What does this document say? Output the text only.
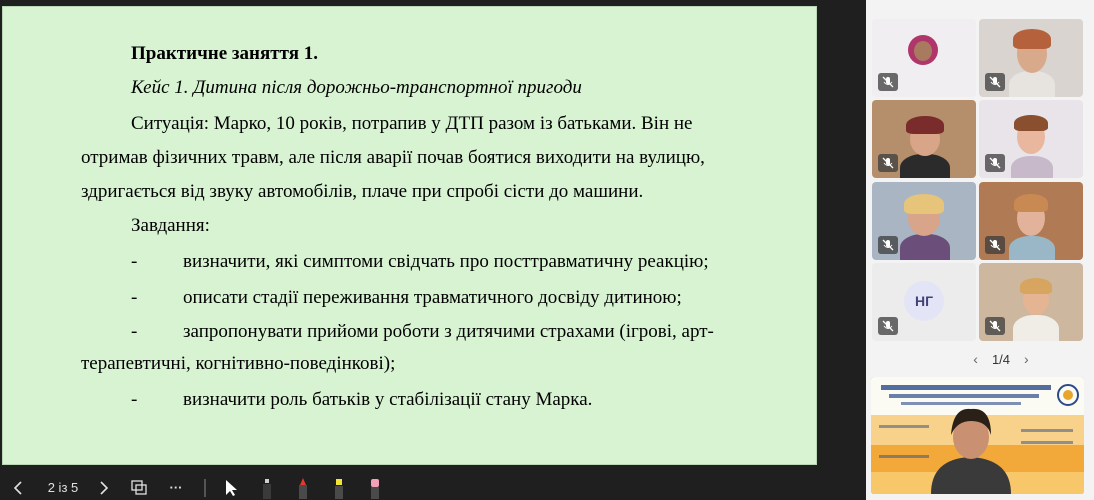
Практичне заняття 1.
Кейс 1. Дитина після дорожньо-транспортної пригоди
Ситуація: Марко, 10 років, потрапив у ДТП разом із батьками. Він не
отримав фізичних травм, але після аварії почав боятися виходити на вулицю,
здригається від звуку автомобілів, плаче при спробі сісти до машини.
Завдання:
- визначити, які симптоми свідчать про посттравматичну реакцію;
- описати стадії переживання травматичного досвіду дитиною;
- запропонувати прийоми роботи з дитячими страхами (ігрові, арт-
терапевтичні, когнітивно-поведінкові);
- визначити роль батьків у стабілізації стану Марка.
2 із 5	···
НГ
‹ 1/4 ›
